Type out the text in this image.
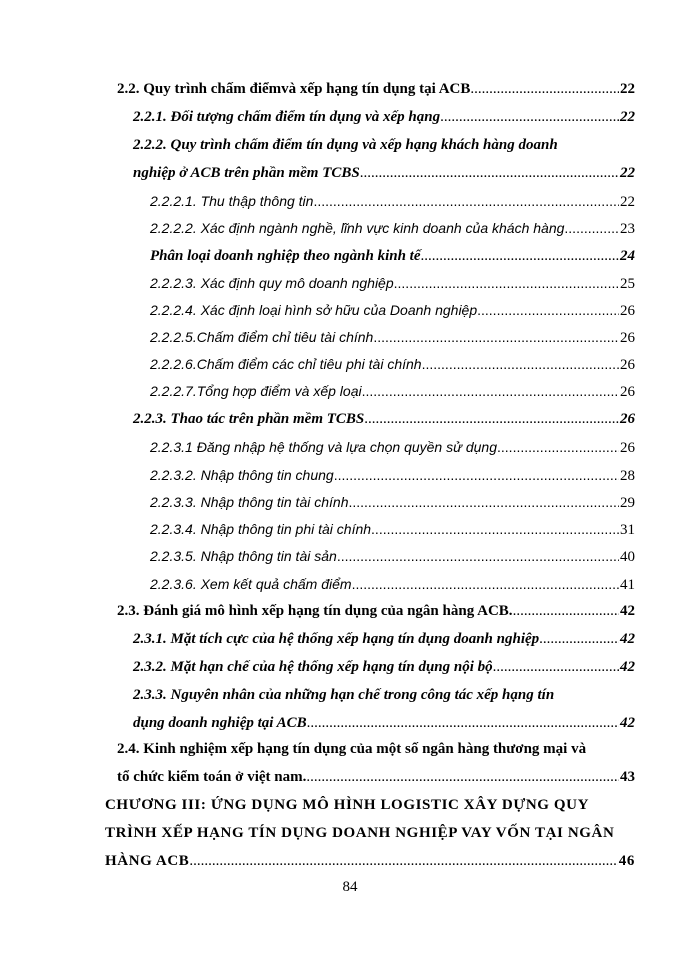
2.2. Quy trình chấm điểmvà xếp hạng tín dụng tại ACB .....	22
2.2.1. Đối tượng chấm điểm tín dụng và xếp hạng .....	22
2.2.2. Quy trình chấm điểm tín dụng và xếp hạng khách hàng doanh
nghiệp ở ACB trên phần mềm TCBS .....	22
2.2.2.1. Thu thập thông tin .....	22
2.2.2.2. Xác định ngành nghề, lĩnh vực kinh doanh của khách hàng .....	23
Phân loại doanh nghiệp theo ngành kinh tế .....	24
2.2.2.3. Xác định quy mô doanh nghiệp .....	25
2.2.2.4. Xác định loại hình sở hữu của Doanh nghiệp .....	26
2.2.2.5.Chấm điểm chỉ tiêu tài chính .....	26
2.2.2.6.Chấm điểm các chỉ tiêu phi tài chính .....	26
2.2.2.7.Tổng hợp điểm và xếp loại .....	26
2.2.3. Thao tác trên phần mềm TCBS .....	26
2.2.3.1 Đăng nhập hệ thống và lựa chọn quyền sử dụng .....	26
2.2.3.2. Nhập thông tin chung .....	28
2.2.3.3. Nhập thông tin tài chính .....	29
2.2.3.4. Nhập thông tin phi tài chính .....	31
2.2.3.5. Nhập thông tin tài sản .....	40
2.2.3.6. Xem kết quả chấm điểm .....	41
2.3. Đánh giá mô hình xếp hạng tín dụng của ngân hàng ACB. .....	42
2.3.1. Mặt tích cực của hệ thống xếp hạng tín dụng doanh nghiệp .....	42
2.3.2. Mặt hạn chế của hệ thống xếp hạng tín dụng nội bộ .....	42
2.3.3. Nguyên nhân của những hạn chế trong công tác xếp hạng tín
dụng doanh nghiệp tại ACB .....	42
2.4. Kinh nghiệm xếp hạng tín dụng của một số ngân hàng thương mại và
tổ chức kiểm toán ở việt nam. .....	43
CHƯƠNG III: ỨNG DỤNG MÔ HÌNH LOGISTIC XÂY DỰNG QUY
TRÌNH XẾP HẠNG TÍN DỤNG DOANH NGHIỆP VAY VỐN TẠI NGÂN
HÀNG ACB .....	46
84
